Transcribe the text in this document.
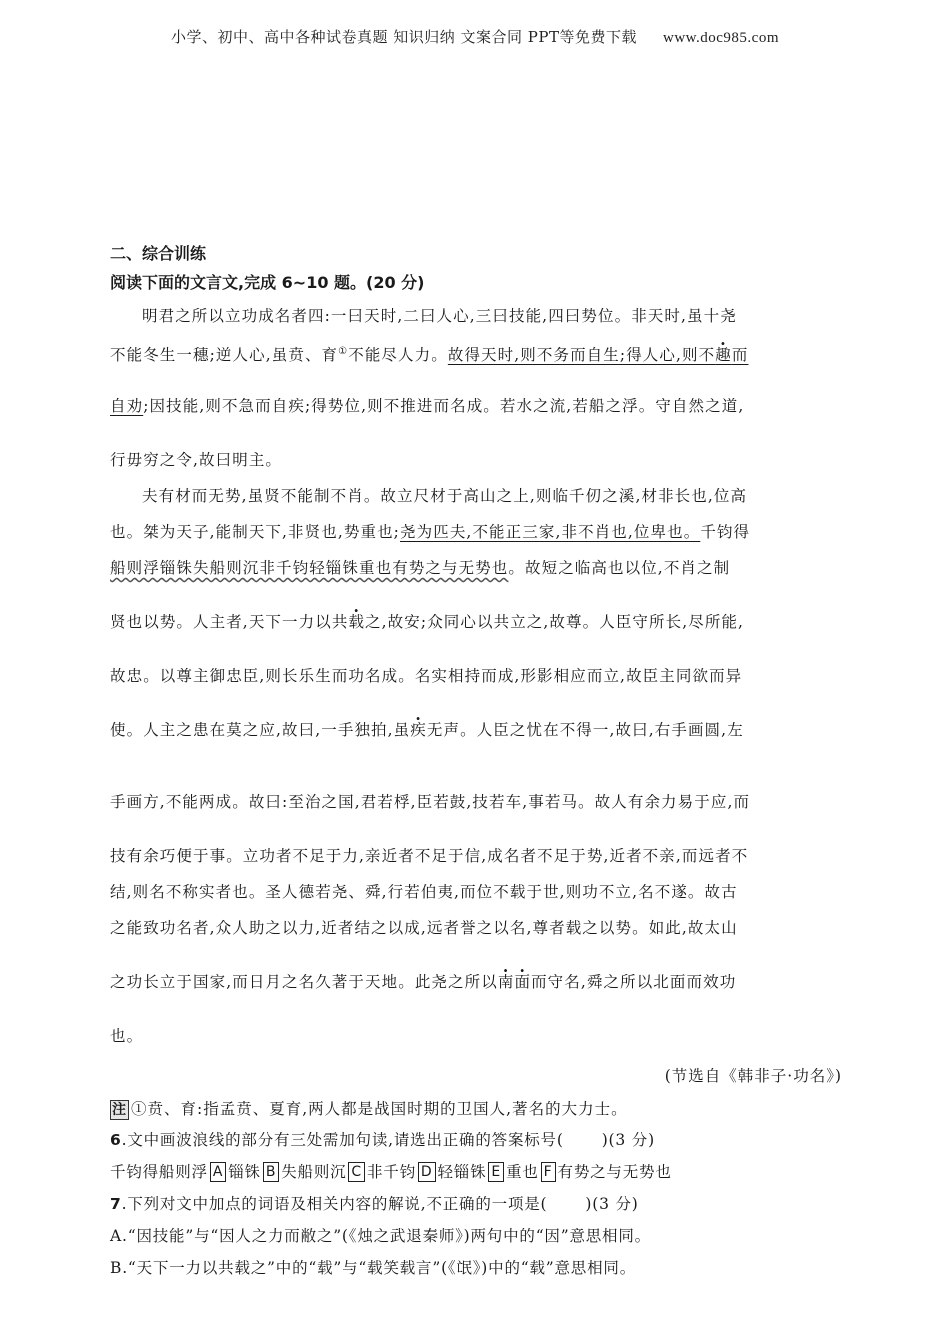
小学、初中、高中各种试卷真题 知识归纳 文案合同 PPT等免费下载 www.doc985.com

二、综合训练

阅读下面的文言文,完成 6~10 题。(20 分)

明君之所以立功成名者四:一曰天时,二曰人心,三曰技能,四曰势位。非天时,虽十尧
不能冬生一穗;逆人心,虽贲、育①不能尽人力。故得天时,则不务而自生;得人心,则不趣而
自劝;因技能,则不急而自疾;得势位,则不推进而名成。若水之流,若船之浮。守自然之道,
行毋穷之令,故曰明主。
夫有材而无势,虽贤不能制不肖。故立尺材于高山之上,则临千仞之溪,材非长也,位高
也。桀为天子,能制天下,非贤也,势重也;尧为匹夫,不能正三家,非不肖也,位卑也。千钧得
船则浮锱铢失船则沉非千钧轻锱铢重也有势之与无势也。故短之临高也以位,不肖之制
贤也以势。人主者,天下一力以共载之,故安;众同心以共立之,故尊。人臣守所长,尽所能,
故忠。以尊主御忠臣,则长乐生而功名成。名实相持而成,形影相应而立,故臣主同欲而异
使。人主之患在莫之应,故曰,一手独拍,虽疾无声。人臣之忧在不得一,故曰,右手画圆,左
手画方,不能两成。故曰:至治之国,君若桴,臣若鼓,技若车,事若马。故人有余力易于应,而
技有余巧便于事。立功者不足于力,亲近者不足于信,成名者不足于势,近者不亲,而远者不
结,则名不称实者也。圣人德若尧、舜,行若伯夷,而位不载于世,则功不立,名不遂。故古
之能致功名者,众人助之以力,近者结之以成,远者誉之以名,尊者载之以势。如此,故太山
之功长立于国家,而日月之名久著于天地。此尧之所以南面而守名,舜之所以北面而效功
也。

(节选自《韩非子·功名》)

注 ①贲、育:指孟贲、夏育,两人都是战国时期的卫国人,著名的大力士。

6.文中画波浪线的部分有三处需加句读,请选出正确的答案标号( )(3 分)

千钧得船则浮 A 锱铢 B 失船则沉 C 非千钧 D 轻锱铢 E 重也 F 有势之与无势也

7.下列对文中加点的词语及相关内容的解说,不正确的一项是( )(3 分)

A.“因技能”与“因人之力而敝之”(《烛之武退秦师》)两句中的“因”意思相同。

B.“天下一力以共载之”中的“载”与“载笑载言”(《氓》)中的“载”意思相同。
